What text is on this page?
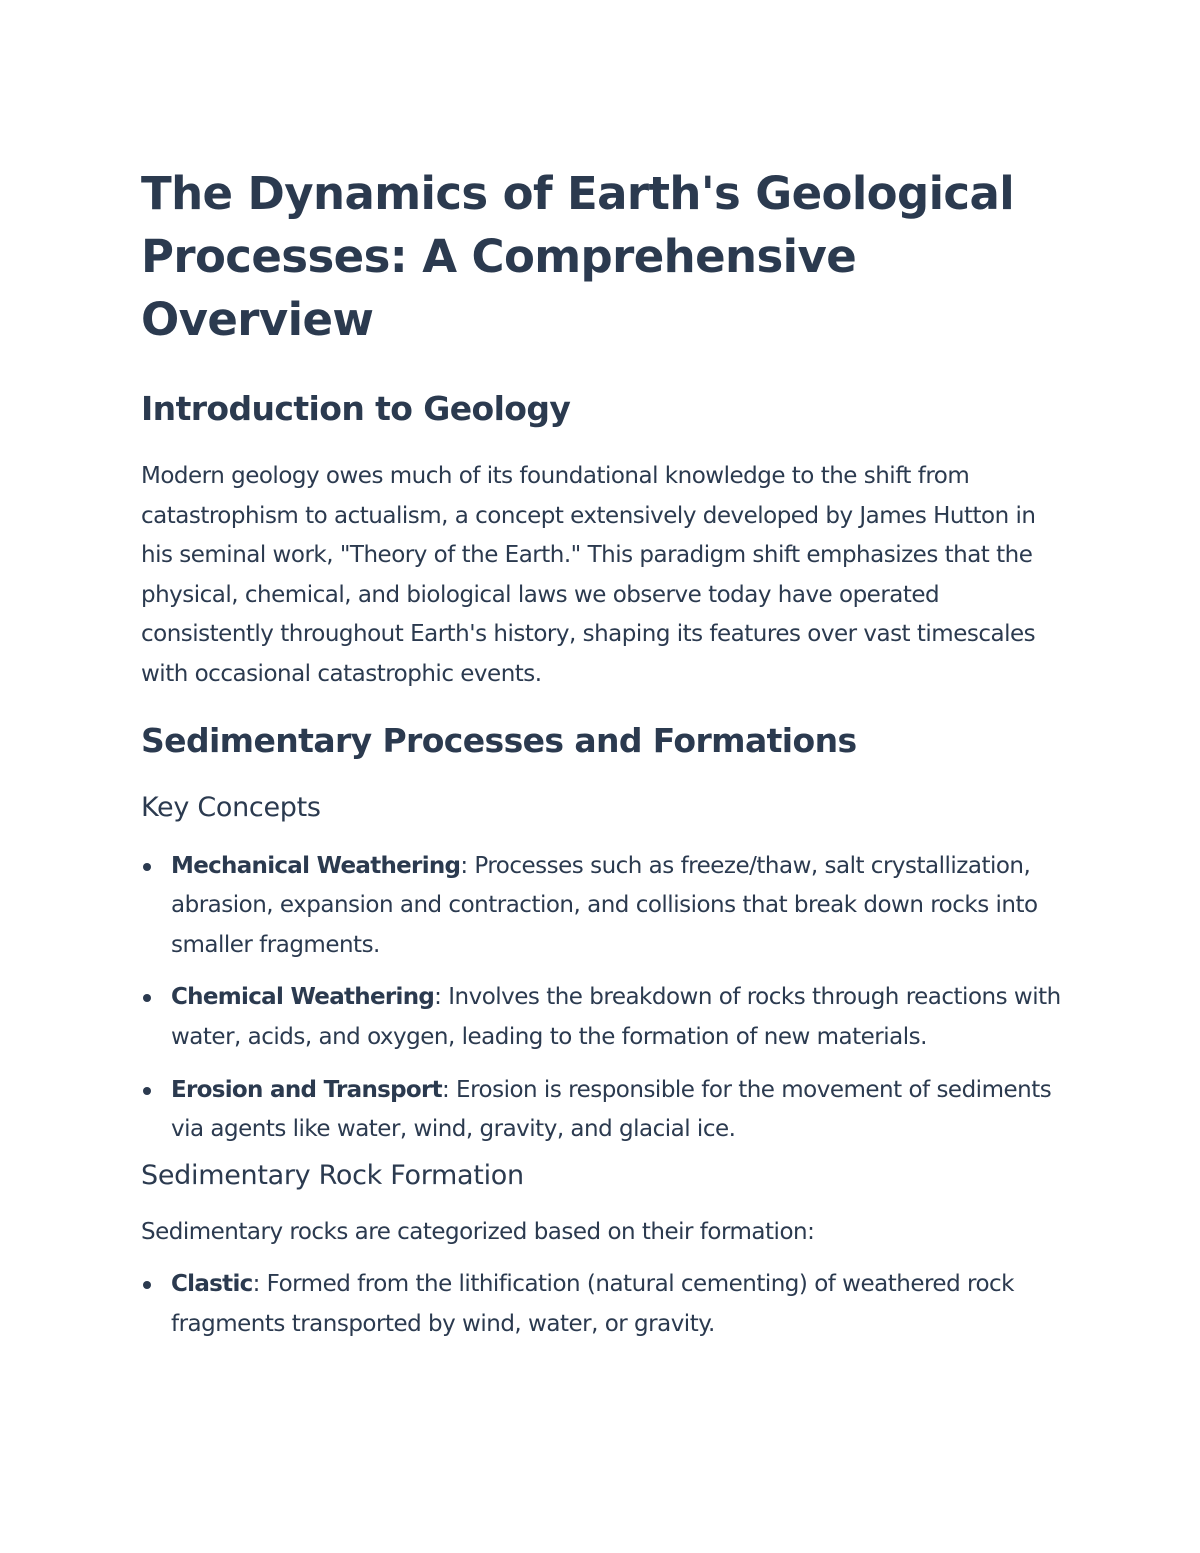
The Dynamics of Earth's Geological Processes: A Comprehensive Overview
Introduction to Geology

Modern geology owes much of its foundational knowledge to the shift from catastrophism to actualism, a concept extensively developed by James Hutton in his seminal work, "Theory of the Earth." This paradigm shift emphasizes that the physical, chemical, and biological laws we observe today have operated consistently throughout Earth's history, shaping its features over vast timescales with occasional catastrophic events.

Sedimentary Processes and Formations
Key Concepts
Mechanical Weathering: Processes such as freeze/thaw, salt crystallization, abrasion, expansion and contraction, and collisions that break down rocks into smaller fragments.
Chemical Weathering: Involves the breakdown of rocks through reactions with water, acids, and oxygen, leading to the formation of new materials.
Erosion and Transport: Erosion is responsible for the movement of sediments via agents like water, wind, gravity, and glacial ice.
Sedimentary Rock Formation

Sedimentary rocks are categorized based on their formation:

Clastic: Formed from the lithification (natural cementing) of weathered rock fragments transported by wind, water, or gravity.
